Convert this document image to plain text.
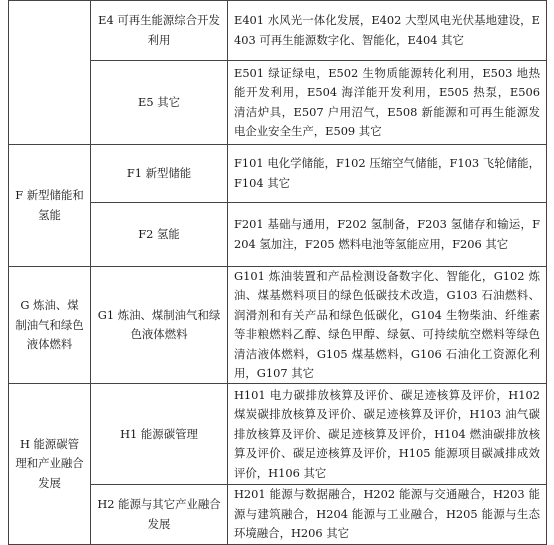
	E4 可再生能源综合开发利用	E401 水风光一体化发展，E402 大型风电光伏基地建设，E403 可再生能源数字化、智能化，E404 其它
	E5 其它	E501 绿证绿电，E502 生物质能源转化利用，E503 地热能开发利用，E504 海洋能开发利用，E505 热泵，E506 清洁炉具，E507 户用沼气，E508 新能源和可再生能源发电企业安全生产，E509 其它
F 新型储能和氢能	F1 新型储能	F101 电化学储能，F102 压缩空气储能，F103 飞轮储能，F104 其它
	F2 氢能	F201 基础与通用，F202 氢制备，F203 氢储存和输运，F204 氢加注，F205 燃料电池等氢能应用，F206 其它
G 炼油、煤制油气和绿色液体燃料	G1 炼油、煤制油气和绿色液体燃料	G101 炼油装置和产品检测设备数字化、智能化，G102 炼油、煤基燃料项目的绿色低碳技术改造，G103 石油燃料、润滑剂和有关产品和绿色低碳化，G104 生物柴油、纤维素等非粮燃料乙醇、绿色甲醇、绿氨、可持续航空燃料等绿色清洁液体燃料，G105 煤基燃料，G106 石油化工资源化利用，G107 其它
H 能源碳管理和产业融合发展	H1 能源碳管理	H101 电力碳排放核算及评价、碳足迹核算及评价，H102 煤炭碳排放核算及评价、碳足迹核算及评价，H103 油气碳排放核算及评价、碳足迹核算及评价，H104 燃油碳排放核算及评价、碳足迹核算及评价，H105 能源项目碳减排成效评价，H106 其它
	H2 能源与其它产业融合发展	H201 能源与数据融合，H202 能源与交通融合，H203 能源与建筑融合，H204 能源与工业融合，H205 能源与生态环境融合，H206 其它
